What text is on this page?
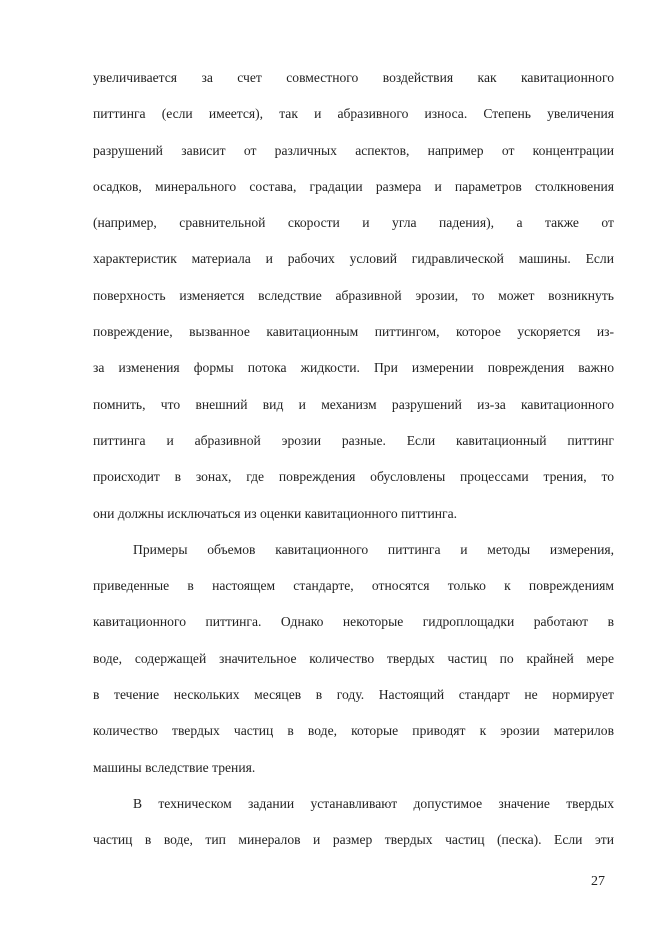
увеличивается за счет совместного воздействия как кавитационного
питтинга (если имеется), так и абразивного износа. Степень увеличения
разрушений зависит от различных аспектов, например от концентрации
осадков, минерального состава, градации размера и параметров столкновения
(например, сравнительной скорости и угла падения), а также от
характеристик материала и рабочих условий гидравлической машины. Если
поверхность изменяется вследствие абразивной эрозии, то может возникнуть
повреждение, вызванное кавитационным питтингом, которое ускоряется из-
за изменения формы потока жидкости. При измерении повреждения важно
помнить, что внешний вид и механизм разрушений из-за кавитационного
питтинга и абразивной эрозии разные. Если кавитационный питтинг
происходит в зонах, где повреждения обусловлены процессами трения, то
они должны исключаться из оценки кавитационного питтинга.
Примеры объемов кавитационного питтинга и методы измерения,
приведенные в настоящем стандарте, относятся только к повреждениям
кавитационного питтинга. Однако некоторые гидроплощадки работают в
воде, содержащей значительное количество твердых частиц по крайней мере
в течение нескольких месяцев в году. Настоящий стандарт не нормирует
количество твердых частиц в воде, которые приводят к эрозии материлов
машины вследствие трения.
В техническом задании устанавливают допустимое значение твердых
частиц в воде, тип минералов и размер твердых частиц (песка). Если эти
27
